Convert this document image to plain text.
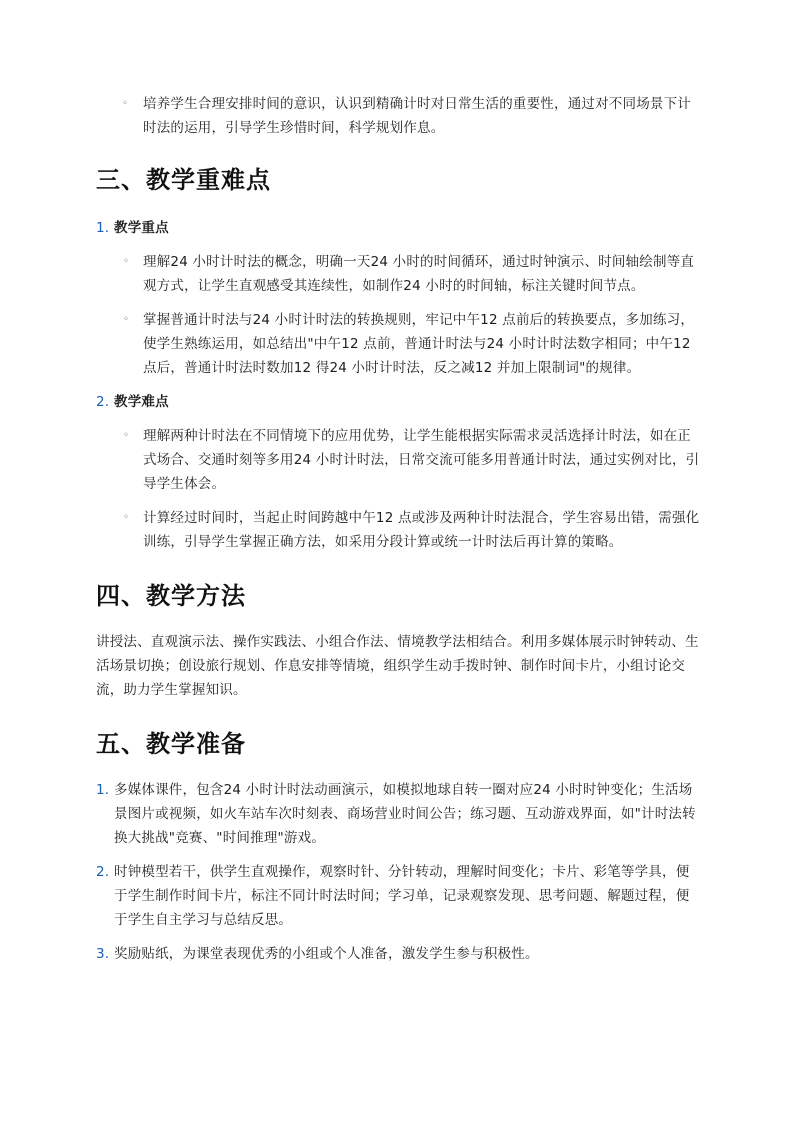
◦ 培养学生合理安排时间的意识，认识到精确计时对日常生活的重要性，通过对不同场景下计时法的运用，引导学生珍惜时间，科学规划作息。
三、教学重难点
1. 教学重点
◦ 理解24 小时计时法的概念，明确一天24 小时的时间循环，通过时钟演示、时间轴绘制等直观方式，让学生直观感受其连续性，如制作24 小时的时间轴，标注关键时间节点。
◦ 掌握普通计时法与24 小时计时法的转换规则，牢记中午12 点前后的转换要点，多加练习，使学生熟练运用，如总结出"中午12 点前，普通计时法与24 小时计时法数字相同；中午12 点后，普通计时法时数加12 得24 小时计时法，反之减12 并加上限制词"的规律。
2. 教学难点
◦ 理解两种计时法在不同情境下的应用优势，让学生能根据实际需求灵活选择计时法，如在正式场合、交通时刻等多用24 小时计时法，日常交流可能多用普通计时法，通过实例对比，引导学生体会。
◦ 计算经过时间时，当起止时间跨越中午12 点或涉及两种计时法混合，学生容易出错，需强化训练，引导学生掌握正确方法，如采用分段计算或统一计时法后再计算的策略。
四、教学方法

讲授法、直观演示法、操作实践法、小组合作法、情境教学法相结合。利用多媒体展示时钟转动、生活场景切换；创设旅行规划、作息安排等情境，组织学生动手拨时钟、制作时间卡片，小组讨论交流，助力学生掌握知识。

五、教学准备
1. 多媒体课件，包含24 小时计时法动画演示，如模拟地球自转一圈对应24 小时时钟变化；生活场景图片或视频，如火车站车次时刻表、商场营业时间公告；练习题、互动游戏界面，如"计时法转换大挑战"竞赛、"时间推理"游戏。
2. 时钟模型若干，供学生直观操作，观察时针、分针转动，理解时间变化；卡片、彩笔等学具，便于学生制作时间卡片，标注不同计时法时间；学习单，记录观察发现、思考问题、解题过程，便于学生自主学习与总结反思。
3. 奖励贴纸，为课堂表现优秀的小组或个人准备，激发学生参与积极性。
